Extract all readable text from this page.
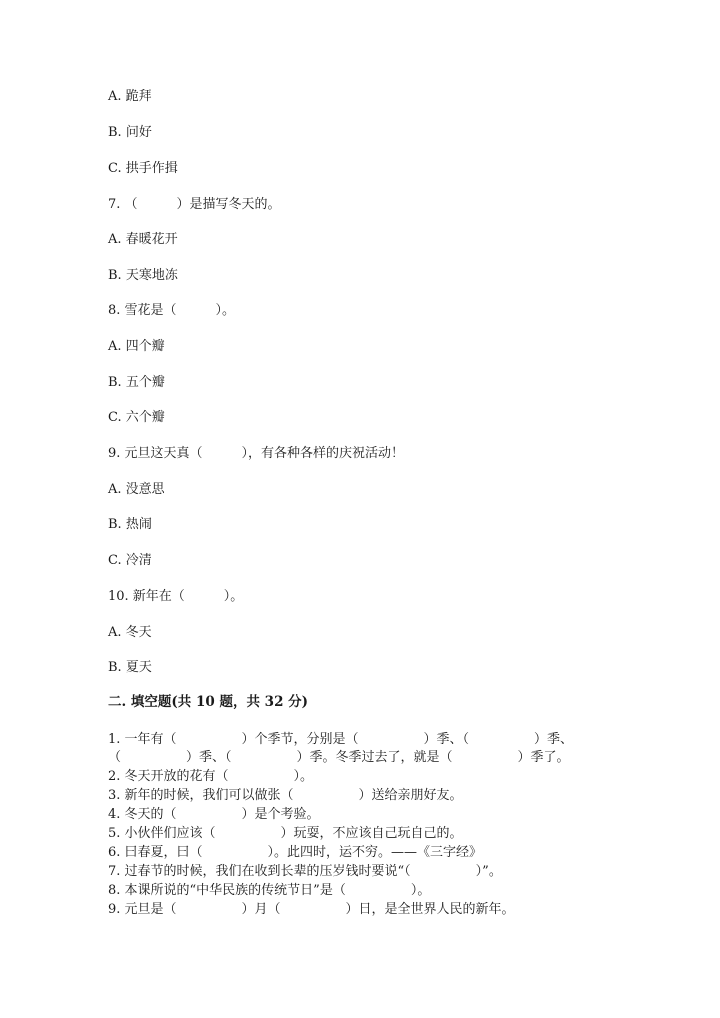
A. 跪拜
B. 问好
C. 拱手作揖
7. （　　　）是描写冬天的。
A. 春暖花开
B. 天寒地冻
8. 雪花是（　　　）。
A. 四个瓣
B. 五个瓣
C. 六个瓣
9. 元旦这天真（　　　），有各种各样的庆祝活动！
A. 没意思
B. 热闹
C. 冷清
10. 新年在（　　　）。
A. 冬天
B. 夏天
二. 填空题(共 10 题，共 32 分)
1. 一年有（　　　　　）个季节，分别是（　　　　　）季、（　　　　　）季、
（　　　　　）季、（　　　　　）季。冬季过去了，就是（　　　　　）季了。
2. 冬天开放的花有（　　　　　）。
3. 新年的时候，我们可以做张（　　　　　）送给亲朋好友。
4. 冬天的（　　　　　）是个考验。
5. 小伙伴们应该（　　　　　）玩耍，不应该自己玩自己的。
6. 曰春夏，曰（　　　　　）。此四时，运不穷。——《三字经》
7. 过春节的时候，我们在收到长辈的压岁钱时要说“（　　　　　）”。
8. 本课所说的“中华民族的传统节日”是（　　　　　）。
9. 元旦是（　　　　　）月（　　　　　）日，是全世界人民的新年。
